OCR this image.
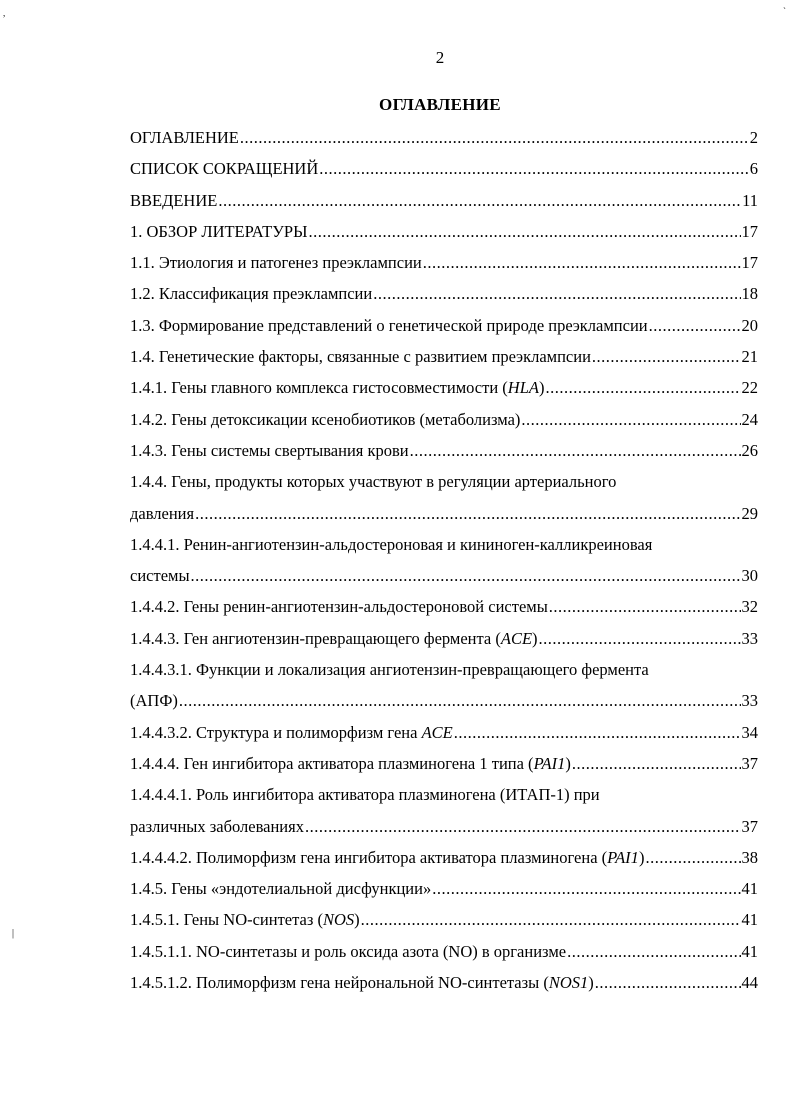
,	`
|
2
ОГЛАВЛЕНИЕ
ОГЛАВЛЕНИЕ .....	2
СПИСОК СОКРАЩЕНИЙ .....	6
ВВЕДЕНИЕ .....	11
1. ОБЗОР ЛИТЕРАТУРЫ .....	17
1.1. Этиология и патогенез преэклампсии .....	17
1.2. Классификация преэклампсии .....	18
1.3. Формирование представлений о генетической природе преэклампсии .....	20
1.4. Генетические факторы, связанные с развитием преэклампсии .....	21
1.4.1. Гены главного комплекса гистосовместимости (HLA) .....	22
1.4.2. Гены детоксикации ксенобиотиков (метаболизма) .....	24
1.4.3. Гены системы свертывания крови .....	26
1.4.4. Гены, продукты которых участвуют в регуляции артериального
давления .....	29
1.4.4.1. Ренин-ангиотензин-альдостероновая и кининоген-калликреиновая
системы .....	30
1.4.4.2. Гены ренин-ангиотензин-альдостероновой системы .....	32
1.4.4.3. Ген ангиотензин-превращающего фермента (ACE) .....	33
1.4.4.3.1. Функции и локализация ангиотензин-превращающего фермента
(АПФ) .....	33
1.4.4.3.2. Структура и полиморфизм гена ACE .....	34
1.4.4.4. Ген ингибитора активатора плазминогена 1 типа (PAI1) .....	37
1.4.4.4.1. Роль ингибитора активатора плазминогена (ИТАП-1) при
различных заболеваниях .....	37
1.4.4.4.2. Полиморфизм гена ингибитора активатора плазминогена (PAI1) .....	38
1.4.5. Гены «эндотелиальной дисфункции» .....	41
1.4.5.1. Гены NO-синтетаз (NOS) .....	41
1.4.5.1.1. NO-синтетазы и роль оксида азота (NO) в организме .....	41
1.4.5.1.2. Полиморфизм гена нейрональной NO-синтетазы (NOS1) .....	44
